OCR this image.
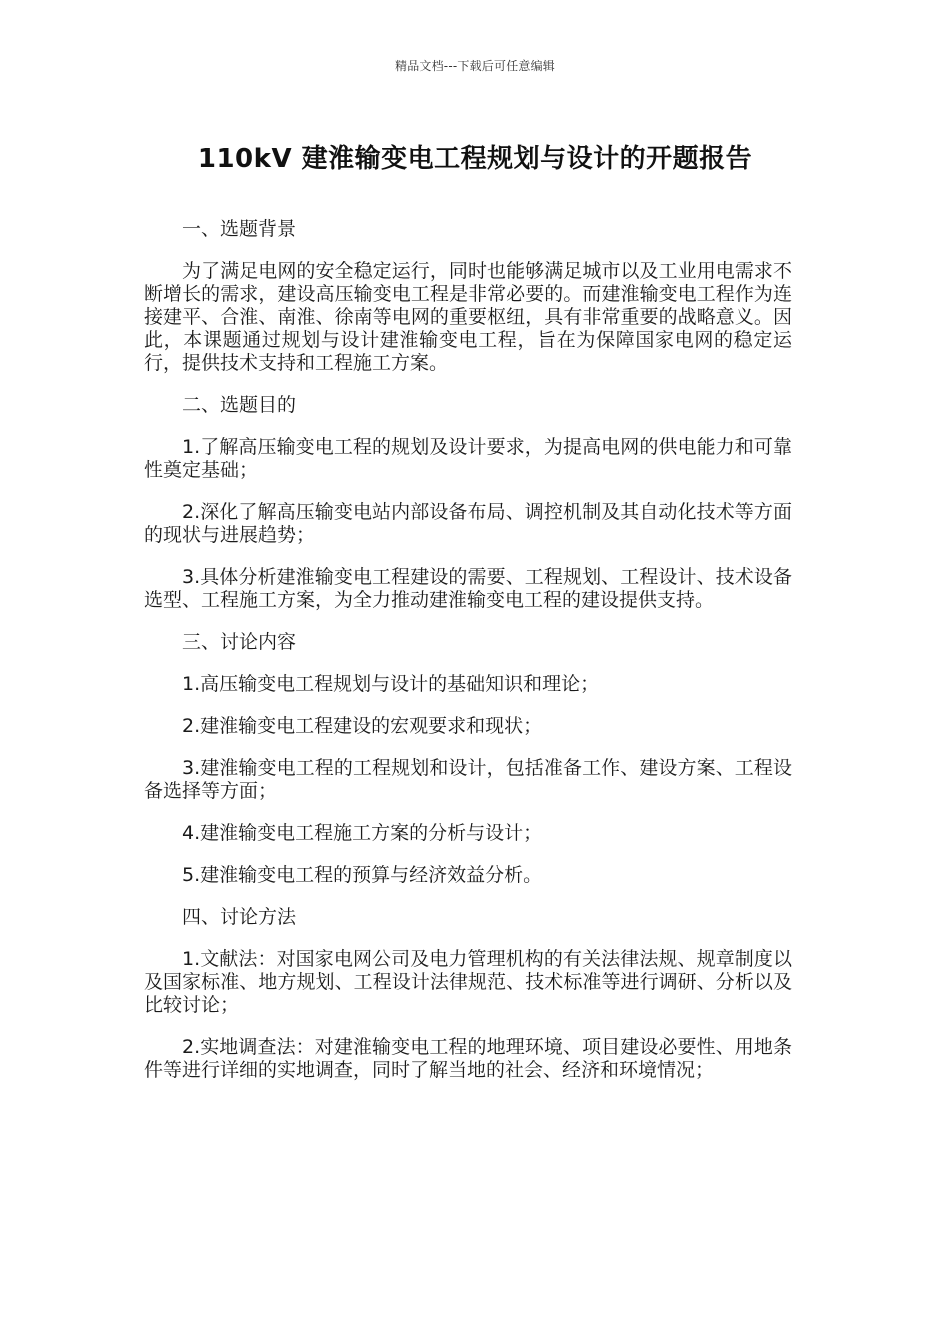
精品文档---下载后可任意编辑
110kV 建淮输变电工程规划与设计的开题报告

一、选题背景

为了满足电网的安全稳定运行，同时也能够满足城市以及工业用电需求不断增长的需求，建设高压输变电工程是非常必要的。而建淮输变电工程作为连接建平、合淮、南淮、徐南等电网的重要枢纽，具有非常重要的战略意义。因此，本课题通过规划与设计建淮输变电工程，旨在为保障国家电网的稳定运行，提供技术支持和工程施工方案。

二、选题目的

1.了解高压输变电工程的规划及设计要求，为提高电网的供电能力和可靠性奠定基础；

2.深化了解高压输变电站内部设备布局、调控机制及其自动化技术等方面的现状与进展趋势；

3.具体分析建淮输变电工程建设的需要、工程规划、工程设计、技术设备选型、工程施工方案，为全力推动建淮输变电工程的建设提供支持。

三、讨论内容

1.高压输变电工程规划与设计的基础知识和理论；

2.建淮输变电工程建设的宏观要求和现状；

3.建淮输变电工程的工程规划和设计，包括准备工作、建设方案、工程设备选择等方面；

4.建淮输变电工程施工方案的分析与设计；

5.建淮输变电工程的预算与经济效益分析。

四、讨论方法

1.文献法：对国家电网公司及电力管理机构的有关法律法规、规章制度以及国家标准、地方规划、工程设计法律规范、技术标准等进行调研、分析以及比较讨论；

2.实地调查法：对建淮输变电工程的地理环境、项目建设必要性、用地条件等进行详细的实地调查，同时了解当地的社会、经济和环境情况；
